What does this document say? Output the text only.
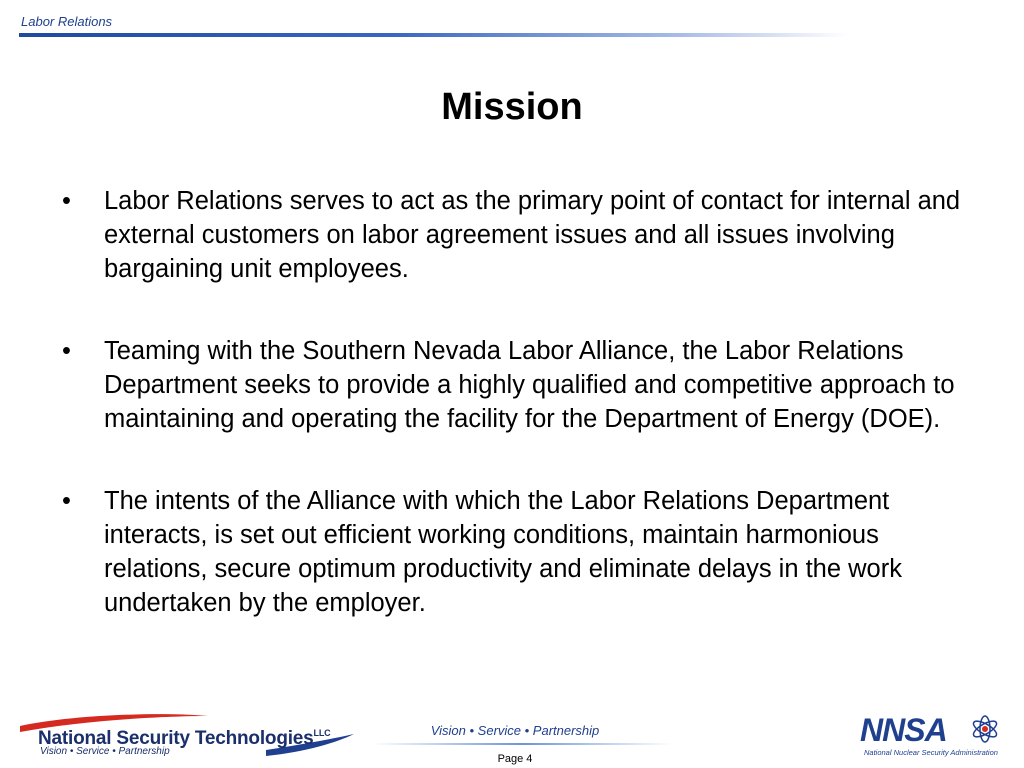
Labor Relations
Mission
•	Labor Relations serves to act as the primary point of contact for internal and external customers on labor agreement issues and all issues involving bargaining unit employees.
•	Teaming with the Southern Nevada Labor Alliance, the Labor Relations Department seeks to provide a highly qualified and competitive approach to maintaining and operating the facility for the Department of Energy (DOE).
•	The intents of the Alliance with which the Labor Relations Department interacts, is set out efficient working conditions, maintain harmonious relations, secure optimum productivity and eliminate delays in the work undertaken by the employer.
National Security Technologies$^{LLC}$
Vision • Service • Partnership
Vision • Service • Partnership
Page 4
NNSA
National Nuclear Security Administration
